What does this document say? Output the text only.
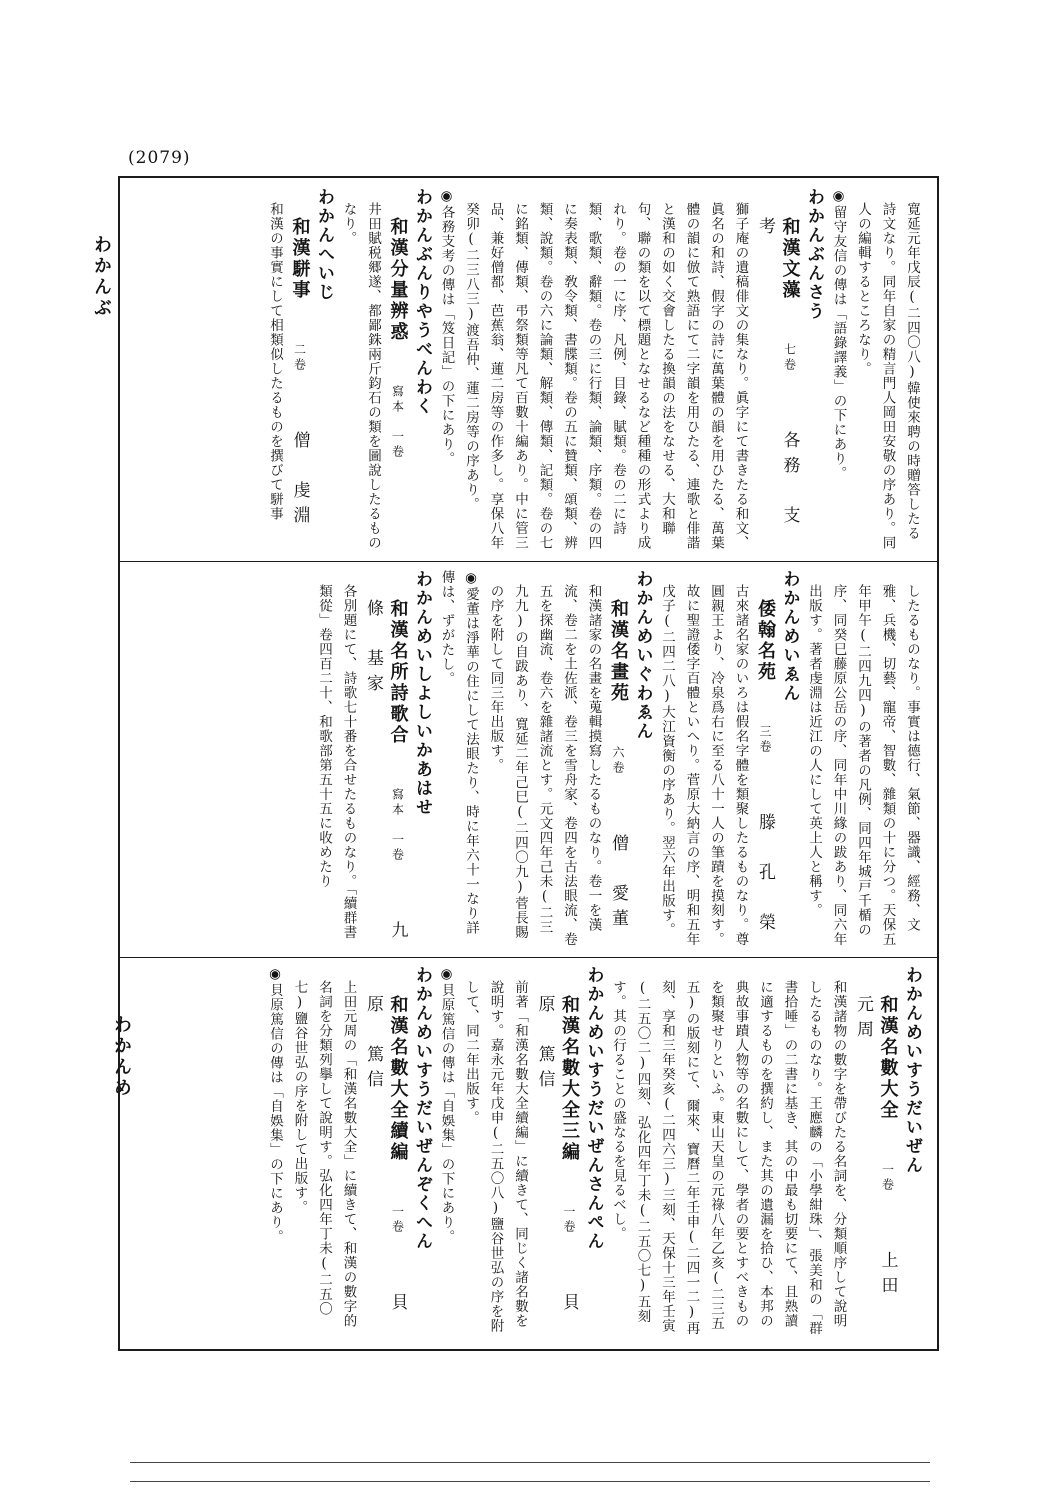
(2079)
わかんぶ
わかんめ
寛延元年戊辰(二四〇八)韓使來聘の時贈答したる詩文なり。同年自家の精言門人岡田安敬の序あり。同人の編輯するところなり。
◉留守友信の傳は「語錄譯義」の下にあり。
わかんぶんさう
和漢文藻 七卷 各務　支考
獅子庵の遺稿俳文の集なり。眞字にて書きたる和文、眞名の和詩、假字の詩に萬葉體の韻を用ひたる、萬葉體の韻に倣て熟語にて二字韻を用ひたる、連歌と俳諧と漢和の如く交會したる換韻の法をなせる、大和聯句、聯の類を以て標題となせるなど種種の形式より成れり。卷の一に序、凡例、目錄、賦類。卷の二に詩類、歌類、辭類。卷の三に行類、論類、序類。卷の四に奏表類、敎令類、書牒類。卷の五に贊類、頌類、辨類、說類。卷の六に論類、解類、傳類、記類。卷の七に銘類、傳類、弔祭類等凡て百數十編あり。中に管三品、兼好僧都、芭蕉翁、蓮二房等の作多し。享保八年癸卯(二三八三)渡吾仲、蓮二房等の序あり。
◉各務支考の傳は「笈日記」の下にあり。
わかんぶんりやうべんわく
和漢分量辨惑 寫本　一卷
井田賦税郷遂、都鄙銖兩斤鈞石の類を圖說したるものなり。
わかんへいじ
和漢駢事 二卷 僧　虔淵
和漢の事實にして相類似したるものを撰びて駢事
したるものなり。事實は德行、氣節、器識、經務、文雅、兵機、切藝、寵帝、智數、雜類の十に分つ。天保五年甲午(二四九四)の著者の凡例、同四年城戸千楯の序、同癸巳藤原公岳の序、同年中川緣の跋あり、同六年出版す。著者虔淵は近江の人にして英上人と稱す。
わかんめいゑん
倭翰名苑 三卷 滕　孔　榮
古來諸名家のいろは假名字體を類聚したるものなり。尊圓親王より、冷泉爲右に至る八十一人の筆蹟を摸刻す。故に聖證倭字百體といへり。菅原大納言の序、明和五年戊子(二四二八)大江資衡の序あり。翌六年出版す。
わかんめいぐわゑん
和漢名畫苑 六卷 僧　愛董
和漢諸家の名畫を蒐輯摸寫したるものなり。卷一を漢流、卷二を土佐派、卷三を雪舟家、卷四を古法眼流、卷五を探幽流、卷六を雜諸流とす。元文四年己未(二三九九)の自跋あり、寬延二年己巳(二四〇九)菅長賜の序を附して同三年出版す。
◉愛董は淨華の住にして法眼たり、時に年六十一なり詳傳は、ずがたし。
わかんめいしよしいかあはせ
和漢名所詩歌合 寫本　一卷 九條　基家
各別題にて、詩歌七十番を合せたるものなり。「續群書類從」卷四百二十、和歌部第五十五に收めたり
わかんめいすうだいぜん
和漢名數大全 一卷 上田　元周
和漢諸物の數字を帶びたる名詞を、分類順序して說明したるものなり。王應麟の「小學紺珠」、張美和の「群書拾唾」の二書に基き、其の中最も切要にて、且熟讀に適するものを撰約し、また其の遺漏を拾ひ、本邦の典故事蹟人物等の名數にして、學者の要とすべきものを類聚せりといふ。東山天皇の元祿八年乙亥(二三五五)の版刻にて、爾來、寶曆二年壬申(二四一二)再刻、享和三年癸亥(二四六三)三刻、天保十三年壬寅(二五〇二)四刻、弘化四年丁未(二五〇七)五刻す。其の行ることの盛なるを見るべし。
わかんめいすうだいぜんさんぺん
和漢名數大全三編 一卷 貝原　篤信
前著「和漢名數大全續編」に續きて、同じく諸名數を說明す。嘉永元年戊申(二五〇八)鹽谷世弘の序を附して、同二年出版す。
◉貝原篤信の傳は「自娛集」の下にあり。
わかんめいすうだいぜんぞくへん
和漢名數大全續編 一卷 貝原　篤信
上田元周の「和漢名數大全」に續きて、和漢の數字的名詞を分類列擧して說明す。弘化四年丁未(二五〇七)鹽谷世弘の序を附して出版す。
◉貝原篤信の傳は「自娛集」の下にあり。
